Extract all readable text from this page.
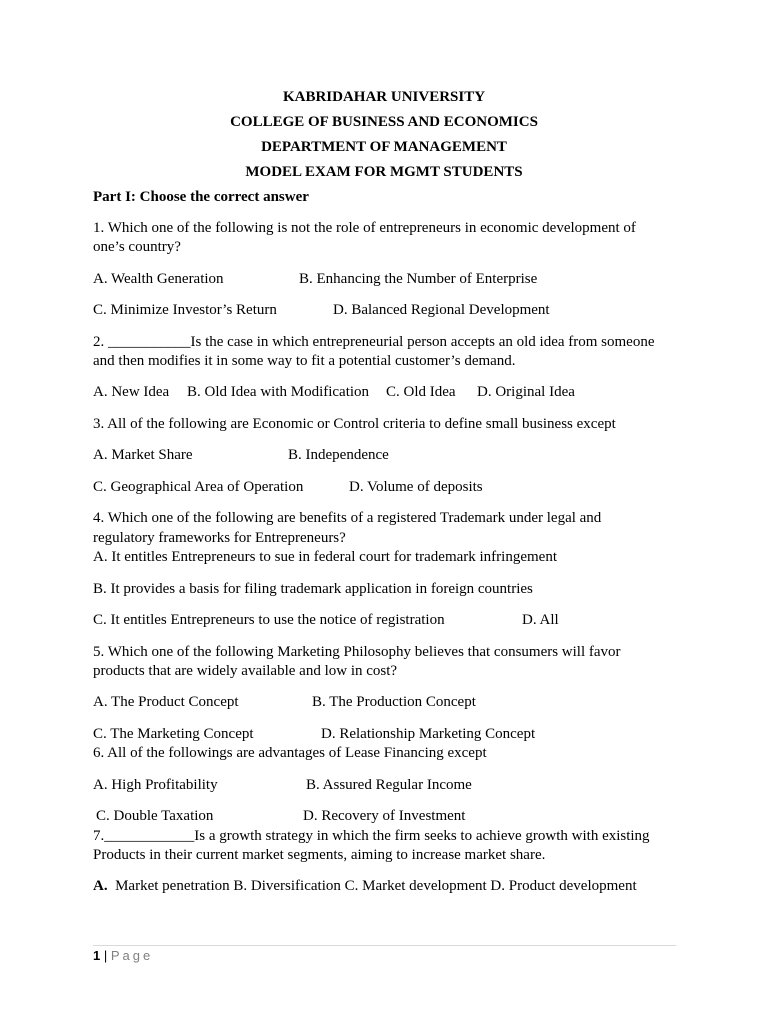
KABRIDAHAR UNIVERSITY
COLLEGE OF BUSINESS AND ECONOMICS
DEPARTMENT OF MANAGEMENT
MODEL EXAM FOR MGMT STUDENTS
Part I: Choose the correct answer
1. Which one of the following is not the role of entrepreneurs in economic development of
one’s country?
A. Wealth Generation	B. Enhancing the Number of Enterprise
C. Minimize Investor’s Return	D. Balanced Regional Development
2. ___________Is the case in which entrepreneurial person accepts an old idea from someone
and then modifies it in some way to fit a potential customer’s demand.
A. New Idea B. Old Idea with Modification C. Old Idea D. Original Idea
3. All of the following are Economic or Control criteria to define small business except
A. Market Share	B. Independence
C. Geographical Area of Operation	D. Volume of deposits
4. Which one of the following are benefits of a registered Trademark under legal and
regulatory frameworks for Entrepreneurs?
A. It entitles Entrepreneurs to sue in federal court for trademark infringement
B. It provides a basis for filing trademark application in foreign countries
C. It entitles Entrepreneurs to use the notice of registration	D. All
5. Which one of the following Marketing Philosophy believes that consumers will favor
products that are widely available and low in cost?
A. The Product Concept	B. The Production Concept
C. The Marketing Concept	D. Relationship Marketing Concept
6. All of the followings are advantages of Lease Financing except
A. High Profitability	B. Assured Regular Income
C. Double Taxation	D. Recovery of Investment
7.____________Is a growth strategy in which the firm seeks to achieve growth with existing
Products in their current market segments, aiming to increase market share.
A. Market penetration B. Diversification C. Market development D. Product development
1 | Page
